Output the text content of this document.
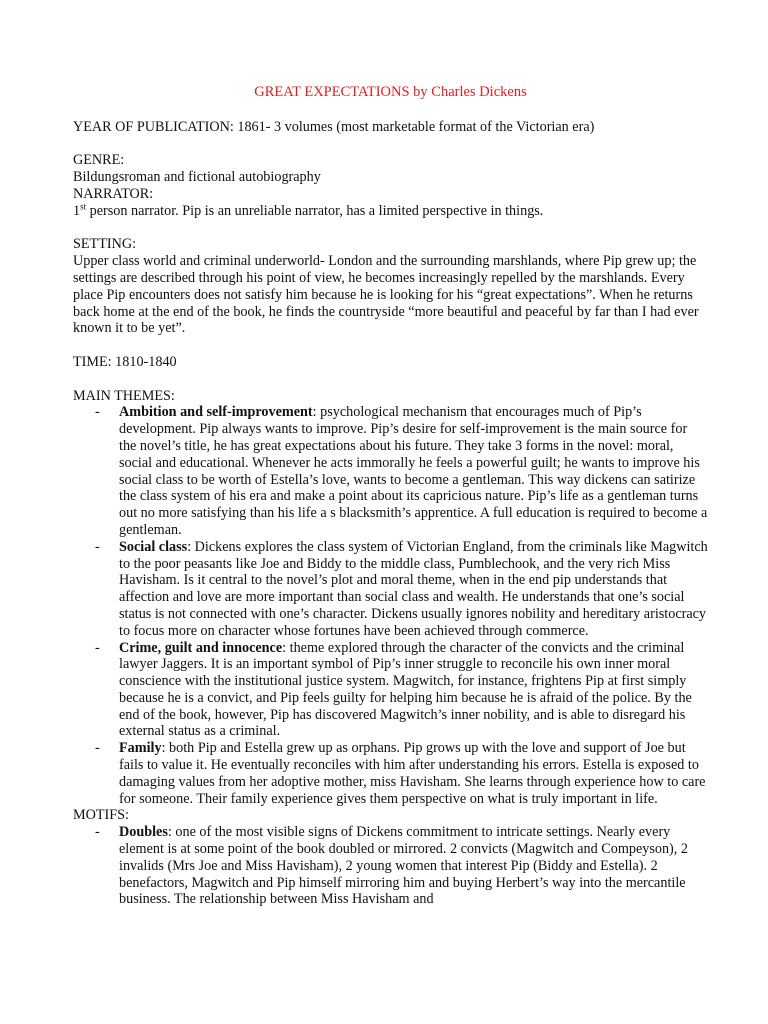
GREAT EXPECTATIONS by Charles Dickens

YEAR OF PUBLICATION: 1861- 3 volumes (most marketable format of the Victorian era)

GENRE:

Bildungsroman and fictional autobiography

NARRATOR:

1st person narrator. Pip is an unreliable narrator, has a limited perspective in things.

SETTING:

Upper class world and criminal underworld- London and the surrounding marshlands, where Pip grew up; the settings are described through his point of view, he becomes increasingly repelled by the marshlands. Every place Pip encounters does not satisfy him because he is looking for his “great expectations”. When he returns back home at the end of the book, he finds the countryside “more beautiful and peaceful by far than I had ever known it to be yet”.

TIME: 1810-1840

MAIN THEMES:

- Ambition and self-improvement: psychological mechanism that encourages much of Pip’s development. Pip always wants to improve. Pip’s desire for self-improvement is the main source for the novel’s title, he has great expectations about his future. They take 3 forms in the novel: moral, social and educational. Whenever he acts immorally he feels a powerful guilt; he wants to improve his social class to be worth of Estella’s love, wants to become a gentleman. This way dickens can satirize the class system of his era and make a point about its capricious nature. Pip’s life as a gentleman turns out no more satisfying than his life a s blacksmith’s apprentice. A full education is required to become a gentleman.
- Social class: Dickens explores the class system of Victorian England, from the criminals like Magwitch to the poor peasants like Joe and Biddy to the middle class, Pumblechook, and the very rich Miss Havisham. Is it central to the novel’s plot and moral theme, when in the end pip understands that affection and love are more important than social class and wealth. He understands that one’s social status is not connected with one’s character. Dickens usually ignores nobility and hereditary aristocracy to focus more on character whose fortunes have been achieved through commerce.
- Crime, guilt and innocence: theme explored through the character of the convicts and the criminal lawyer Jaggers. It is an important symbol of Pip’s inner struggle to reconcile his own inner moral conscience with the institutional justice system. Magwitch, for instance, frightens Pip at first simply because he is a convict, and Pip feels guilty for helping him because he is afraid of the police. By the end of the book, however, Pip has discovered Magwitch’s inner nobility, and is able to disregard his external status as a criminal.
- Family: both Pip and Estella grew up as orphans. Pip grows up with the love and support of Joe but fails to value it. He eventually reconciles with him after understanding his errors. Estella is exposed to damaging values from her adoptive mother, miss Havisham. She learns through experience how to care for someone. Their family experience gives them perspective on what is truly important in life.

MOTIFS:

- Doubles: one of the most visible signs of Dickens commitment to intricate settings. Nearly every element is at some point of the book doubled or mirrored. 2 convicts (Magwitch and Compeyson), 2 invalids (Mrs Joe and Miss Havisham), 2 young women that interest Pip (Biddy and Estella). 2 benefactors, Magwitch and Pip himself mirroring him and buying Herbert’s way into the mercantile business. The relationship between Miss Havisham and
